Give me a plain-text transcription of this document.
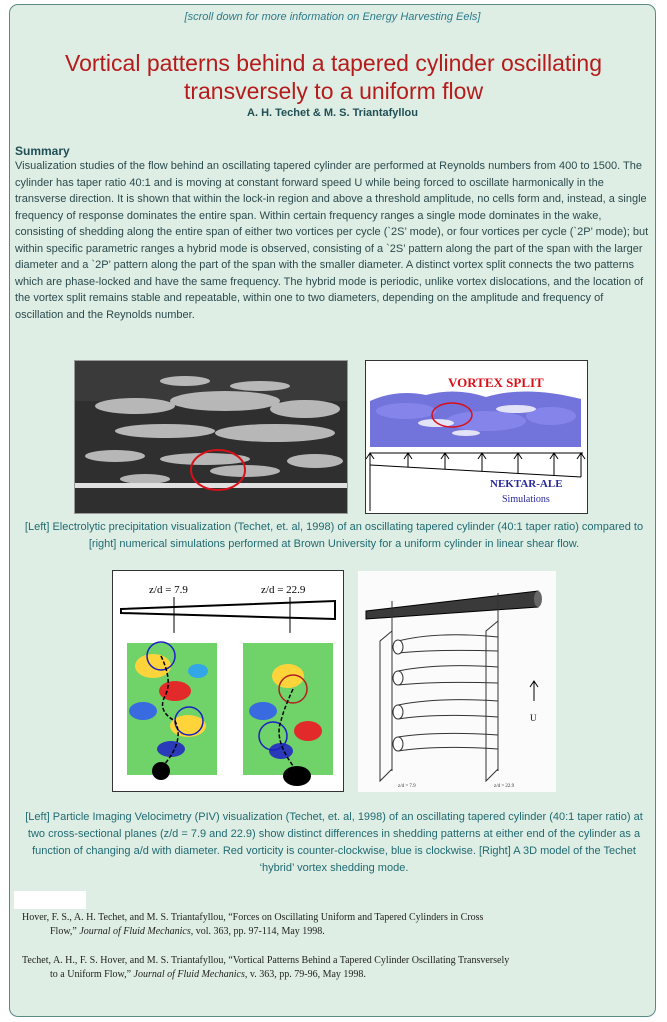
[scroll down for more information on Energy Harvesting Eels]
Vortical patterns behind a tapered cylinder oscillating transversely to a uniform flow
A. H. Techet & M. S. Triantafyllou
Summary
Visualization studies of the flow behind an oscillating tapered cylinder are performed at Reynolds numbers from 400 to 1500. The cylinder has taper ratio 40:1 and is moving at constant forward speed U while being forced to oscillate harmonically in the transverse direction. It is shown that within the lock-in region and above a threshold amplitude, no cells form and, instead, a single frequency of response dominates the entire span. Within certain frequency ranges a single mode dominates in the wake, consisting of shedding along the entire span of either two vortices per cycle (`2S’ mode), or four vortices per cycle (`2P’ mode); but within specific parametric ranges a hybrid mode is observed, consisting of a `2S’ pattern along the part of the span with the larger diameter and a `2P’ pattern along the part of the span with the smaller diameter. A distinct vortex split connects the two patterns which are phase-locked and have the same frequency. The hybrid mode is periodic, unlike vortex dislocations, and the location of the vortex split remains stable and repeatable, within one to two diameters, depending on the amplitude and frequency of oscillation and the Reynolds number.
VORTEX SPLIT
NEKTAR-ALE
Simulations
[Left] Electrolytic precipitation visualization (Techet, et. al, 1998) of an oscillating tapered cylinder (40:1 taper ratio) compared to [right] numerical simulations performed at Brown University for a uniform cylinder in linear shear flow.
z/d = 7.9	z/d = 22.9
U
z/d = 7.9	z/d = 22.9
[Left] Particle Imaging Velocimetry (PIV) visualization (Techet, et. al, 1998) of an oscillating tapered cylinder (40:1 taper ratio) at two cross-sectional planes (z/d = 7.9 and 22.9) show distinct differences in shedding patterns at either end of the cylinder as a function of changing a/d with diameter. Red vorticity is counter-clockwise, blue is clockwise. [Right] A 3D model of the Techet ‘hybrid’ vortex shedding mode.
Hover, F. S., A. H. Techet, and M. S. Triantafyllou, “Forces on Oscillating Uniform and Tapered Cylinders in Cross
Flow,” Journal of Fluid Mechanics, vol. 363, pp. 97-114, May 1998.
Techet, A. H., F. S. Hover, and M. S. Triantafyllou, “Vortical Patterns Behind a Tapered Cylinder Oscillating Transversely
to a Uniform Flow,” Journal of Fluid Mechanics, v. 363, pp. 79-96, May 1998.
